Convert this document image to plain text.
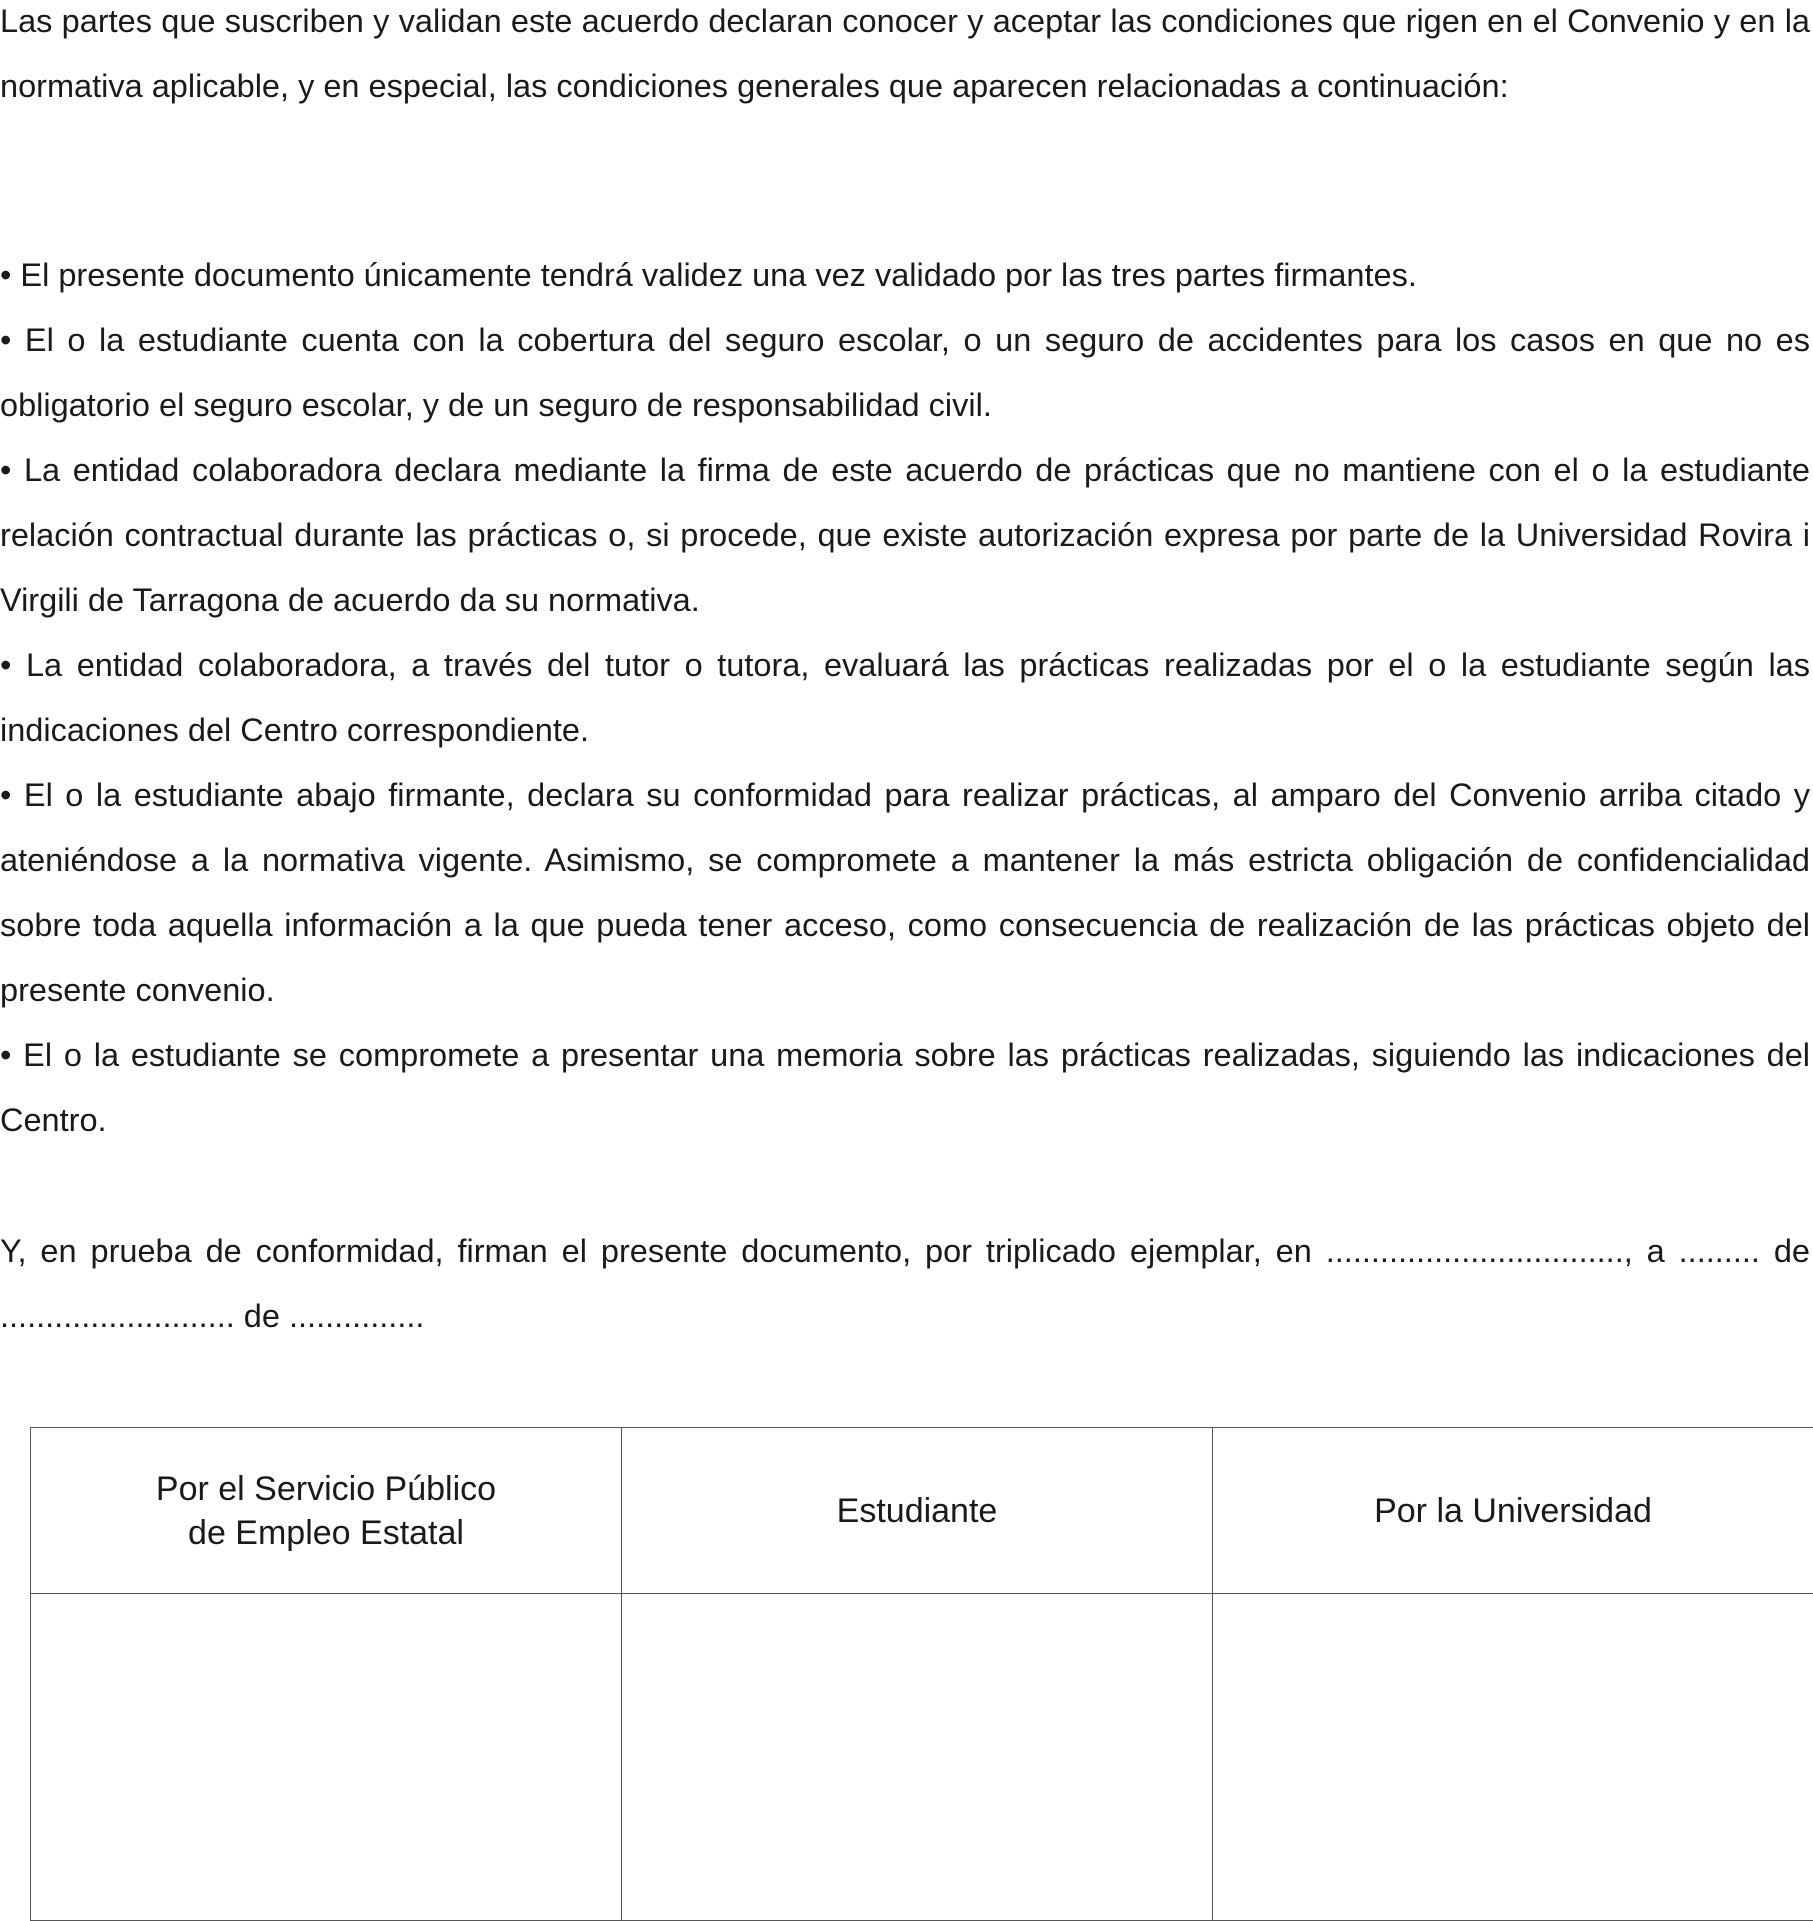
Las partes que suscriben y validan este acuerdo declaran conocer y aceptar las condiciones que rigen en el Convenio y en la normativa aplicable, y en especial, las condiciones generales que aparecen relacionadas a continuación:

• El presente documento únicamente tendrá validez una vez validado por las tres partes firmantes.
• El o la estudiante cuenta con la cobertura del seguro escolar, o un seguro de accidentes para los casos en que no es obligatorio el seguro escolar, y de un seguro de responsabilidad civil.
• La entidad colaboradora declara mediante la firma de este acuerdo de prácticas que no mantiene con el o la estudiante relación contractual durante las prácticas o, si procede, que existe autorización expresa por parte de la Universidad Rovira i Virgili de Tarragona de acuerdo da su normativa.
• La entidad colaboradora, a través del tutor o tutora, evaluará las prácticas realizadas por el o la estudiante según las indicaciones del Centro correspondiente.
• El o la estudiante abajo firmante, declara su conformidad para realizar prácticas, al amparo del Convenio arriba citado y ateniéndose a la normativa vigente. Asimismo, se compromete a mantener la más estricta obligación de confidencialidad sobre toda aquella información a la que pueda tener acceso, como consecuencia de realización de las prácticas objeto del presente convenio.
• El o la estudiante se compromete a presentar una memoria sobre las prácticas realizadas, siguiendo las indicaciones del Centro.

Y, en prueba de conformidad, firman el presente documento, por triplicado ejemplar, en ................................., a ......... de .......................... de ...............

Por el Servicio Público
de Empleo Estatal	Estudiante	Por la Universidad
